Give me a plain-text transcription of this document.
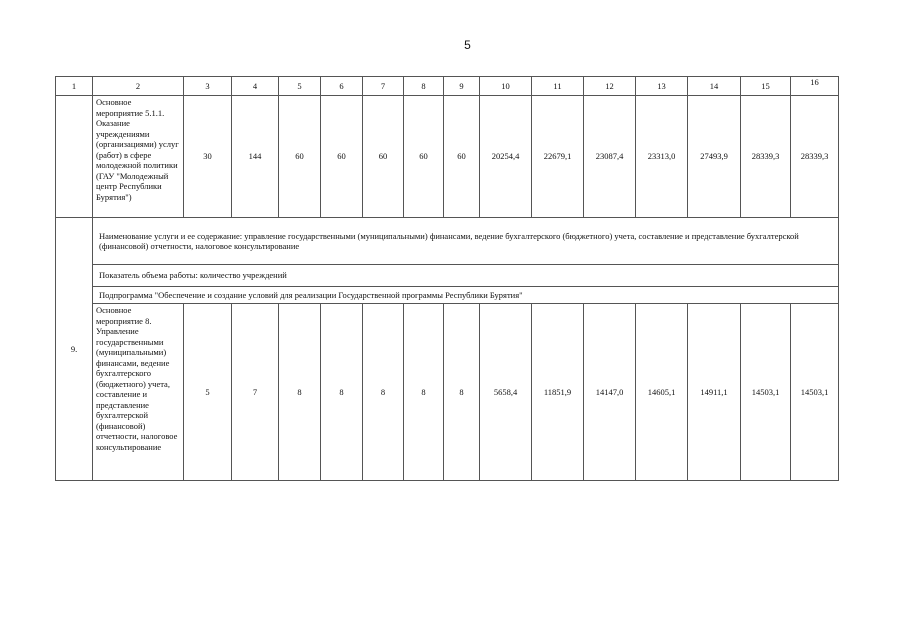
5
1	2	3	4	5	6	7	8	9	10	11	12	13	14	15	16
	Основное мероприятие 5.1.1. Оказание учреждениями (организациями) услуг (работ) в сфере молодежной политики (ГАУ "Молодежный центр Республики Бурятия")	30	144	60	60	60	60	60	20254,4	22679,1	23087,4	23313,0	27493,9	28339,3	28339,3
9.	Наименование услуги и ее содержание: управление государственными (муниципальными) финансами, ведение бухгалтерского (бюджетного) учета, составление и представление бухгалтерской (финансовой) отчетности, налоговое консультирование														
	Показатель объема работы: количество учреждений														
	Подпрограмма "Обеспечение и создание условий для реализации Государственной программы Республики Бурятия"														
	Основное мероприятие 8. Управление государственными (муниципальными) финансами, ведение бухгалтерского (бюджетного) учета, составление и представление бухгалтерской (финансовой) отчетности, налоговое консультирование	5	7	8	8	8	8	8	5658,4	11851,9	14147,0	14605,1	14911,1	14503,1	14503,1
